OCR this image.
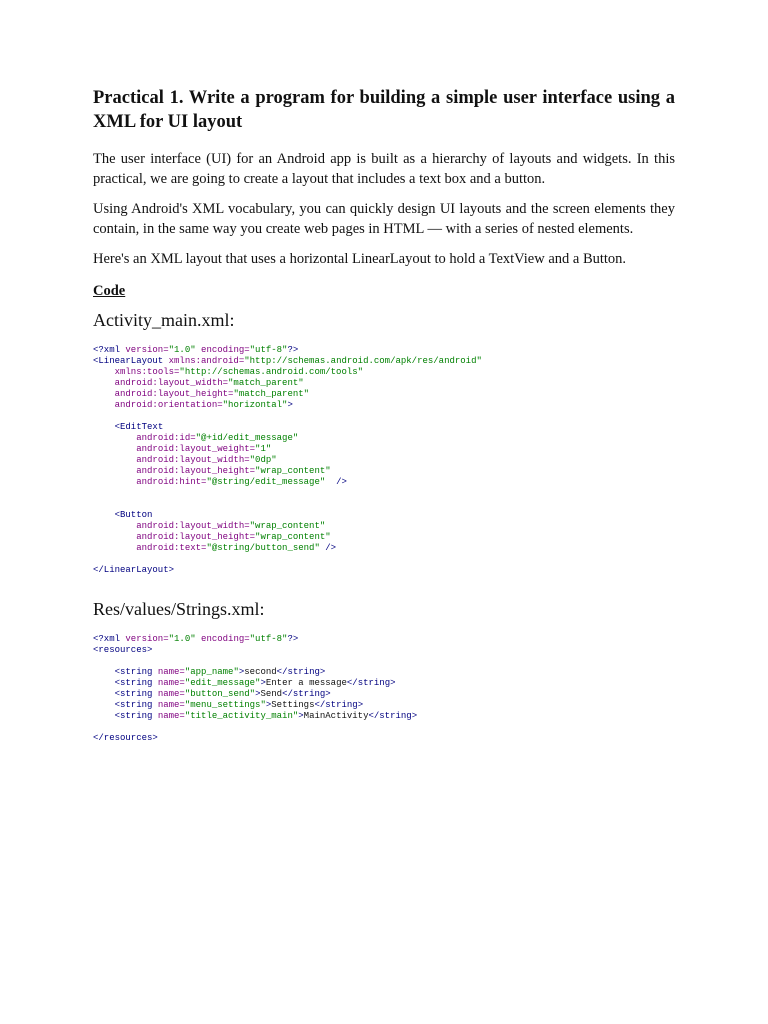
Practical 1. Write a program for building a simple user interface using a XML for UI layout

The user interface (UI) for an Android app is built as a hierarchy of layouts and widgets. In this practical, we are going to create a layout that includes a text box and a button.

Using Android's XML vocabulary, you can quickly design UI layouts and the screen elements they contain, in the same way you create web pages in HTML — with a series of nested elements.

Here's an XML layout that uses a horizontal LinearLayout to hold a TextView and a Button.

Code
Activity_main.xml:
<?xml version="1.0" encoding="utf-8"?>
<LinearLayout xmlns:android="http://schemas.android.com/apk/res/android"
xmlns:tools="http://schemas.android.com/tools"
android:layout_width="match_parent"
android:layout_height="match_parent"
android:orientation="horizontal">
<EditText
android:id="@+id/edit_message"
android:layout_weight="1"
android:layout_width="0dp"
android:layout_height="wrap_content"
android:hint="@string/edit_message"  />
<Button
android:layout_width="wrap_content"
android:layout_height="wrap_content"
android:text="@string/button_send" />
</LinearLayout>
Res/values/Strings.xml:
<?xml version="1.0" encoding="utf-8"?>
<resources>
<string name="app_name">second</string>
<string name="edit_message">Enter a message</string>
<string name="button_send">Send</string>
<string name="menu_settings">Settings</string>
<string name="title_activity_main">MainActivity</string>
</resources>
